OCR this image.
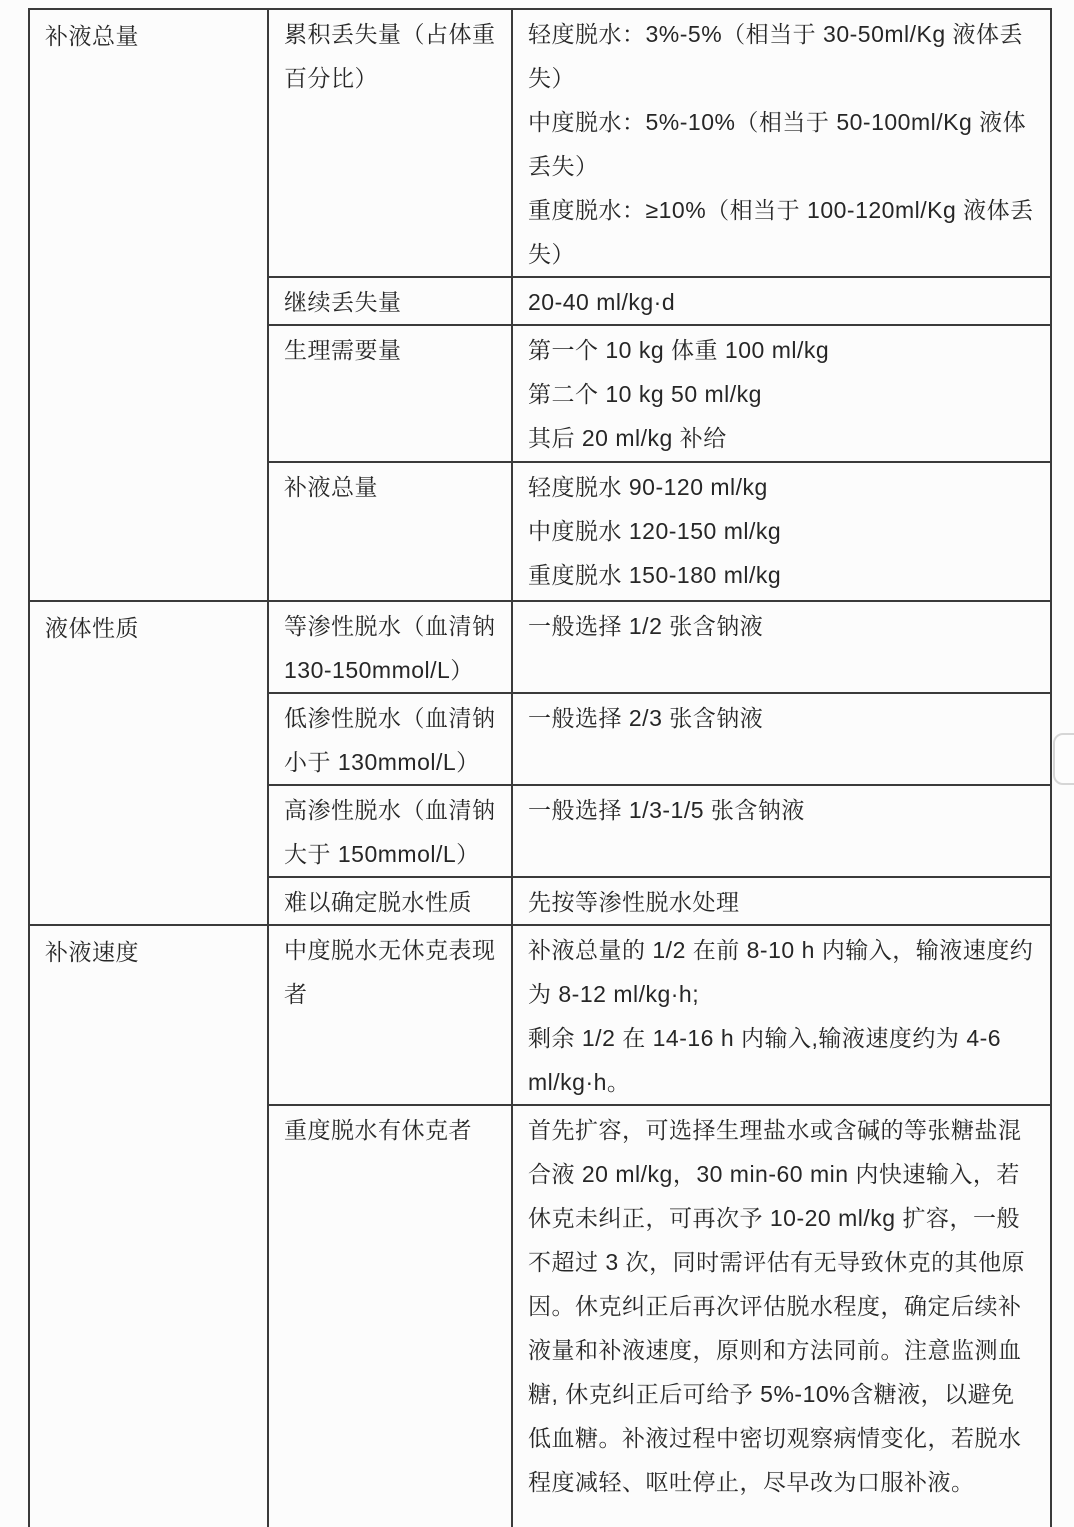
补液总量	累积丢失量（占体重百分比）	轻度脱水：3%-5%（相当于 30-50ml/Kg 液体丢失）

中度脱水：5%-10%（相当于 50-100ml/Kg 液体丢失）

重度脱水：≥10%（相当于 100-120ml/Kg 液体丢失）

	继续丢失量	20-40 ml/kg·d

	生理需要量	第一个 10 kg 体重 100 ml/kg

第二个 10 kg 50 ml/kg

其后 20 ml/kg 补给

	补液总量	轻度脱水 90-120 ml/kg

中度脱水 120-150 ml/kg

重度脱水 150-180 ml/kg

液体性质	等渗性脱水（血清钠 130-150mmol/L）	一般选择 1/2 张含钠液

	低渗性脱水（血清钠小于 130mmol/L）	一般选择 2/3 张含钠液

	高渗性脱水（血清钠大于 150mmol/L）	一般选择 1/3-1/5 张含钠液

	难以确定脱水性质	先按等渗性脱水处理

补液速度	中度脱水无休克表现者	补液总量的 1/2 在前 8-10 h 内输入，输液速度约为 8-12 ml/kg·h;

剩余 1/2 在 14-16 h 内输入,输液速度约为 4-6 ml/kg·h。

	重度脱水有休克者	首先扩容，可选择生理盐水或含碱的等张糖盐混合液 20 ml/kg，30 min-60 min 内快速输入，若休克未纠正，可再次予 10-20 ml/kg 扩容，一般不超过 3 次，同时需评估有无导致休克的其他原因。休克纠正后再次评估脱水程度，确定后续补液量和补液速度，原则和方法同前。注意监测血糖, 休克纠正后可给予 5%-10%含糖液，以避免低血糖。补液过程中密切观察病情变化，若脱水程度减轻、呕吐停止，尽早改为口服补液。
